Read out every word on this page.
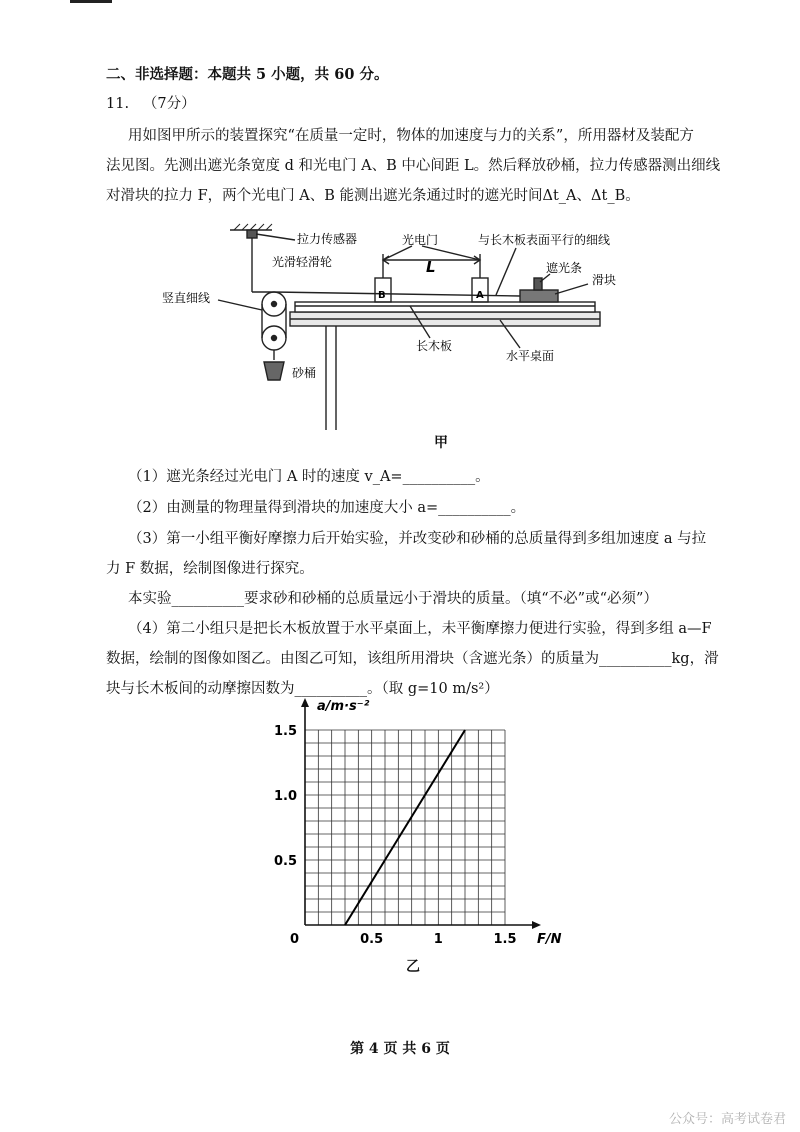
二、非选择题：本题共 5 小题，共 60 分。
11. （7分）
用如图甲所示的装置探究“在质量一定时，物体的加速度与力的关系”，所用器材及装配方
法见图。先测出遮光条宽度 d 和光电门 A、B 中心间距 L。然后释放砂桶，拉力传感器测出细线
对滑块的拉力 F，两个光电门 A、B 能测出遮光条通过时的遮光时间Δt_A、Δt_B。
拉力传感器
光滑轻滑轮
竖直细线
砂桶
光电门
L
与长木板表面平行的细线
遮光条
滑块
长木板
水平桌面
B	A
甲
（1）遮光条经过光电门 A 时的速度 v_A=__________。
（2）由测量的物理量得到滑块的加速度大小 a=__________。
（3）第一小组平衡好摩擦力后开始实验，并改变砂和砂桶的总质量得到多组加速度 a 与拉
力 F 数据，绘制图像进行探究。
本实验__________要求砂和砂桶的总质量远小于滑块的质量。（填“不必”或“必须”）
（4）第二小组只是把长木板放置于水平桌面上，未平衡摩擦力便进行实验，得到多组 a—F
数据，绘制的图像如图乙。由图乙可知，该组所用滑块（含遮光条）的质量为__________kg，滑
块与长木板间的动摩擦因数为__________。（取 g=10 m/s²）
0.5	1	1.5
0.5
1.0
1.5
a/m·s⁻²
F/N
0
乙
第 4 页 共 6 页
公众号：高考试卷君
